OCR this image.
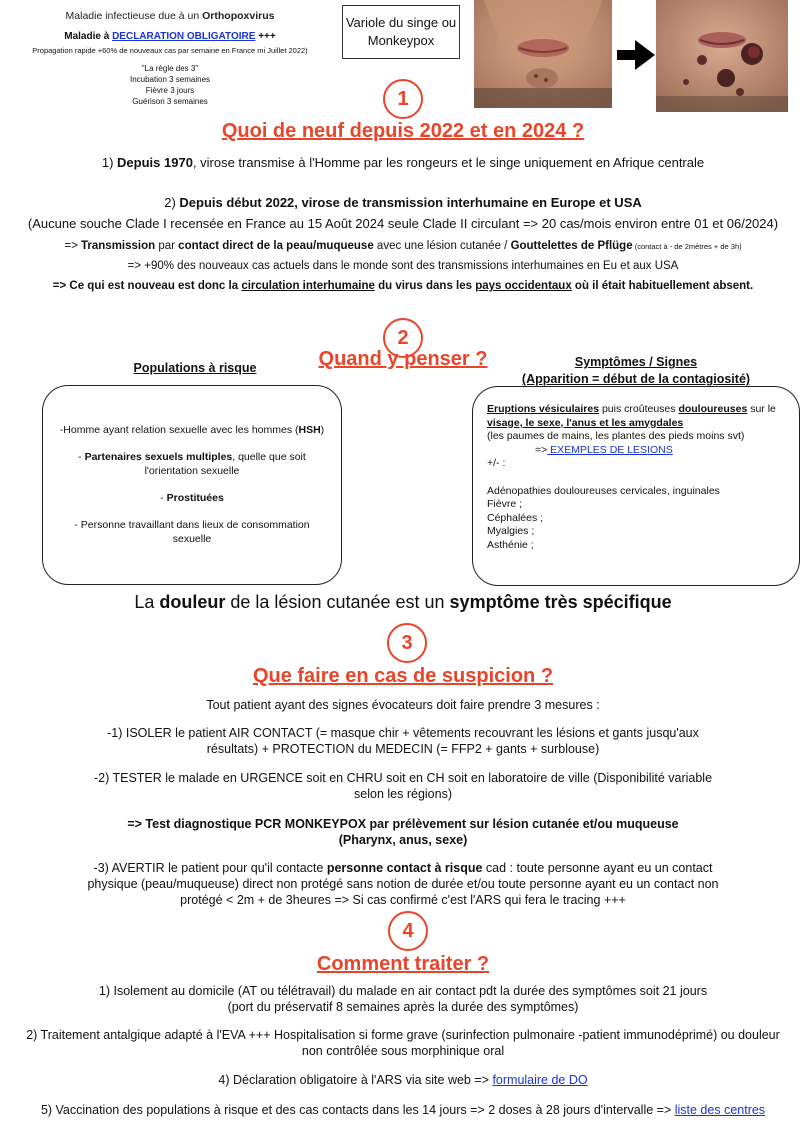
Maladie infectieuse due à un Orthopoxvirus
Maladie à DECLARATION OBLIGATOIRE +++
Propagation rapide +60% de nouveaux cas par semaine en France mi Juillet 2022)
"La règle des 3"
Incubation 3 semaines
Fièvre 3 jours
Guérison 3 semaines
Variole du singe ou Monkeypox
1
Quoi de neuf depuis 2022 et en 2024 ?
1) Depuis 1970, virose transmise à l'Homme par les rongeurs et le singe uniquement en Afrique centrale
2) Depuis début 2022, virose de transmission interhumaine en Europe et USA
(Aucune souche Clade I recensée en France au 15 Août 2024 seule Clade II circulant => 20 cas/mois environ entre 01 et 06/2024)
=> Transmission par contact direct de la peau/muqueuse avec une lésion cutanée / Gouttelettes de Pflüge (contact à - de 2mètres + de 3h)
=> +90% des nouveaux cas actuels dans le monde sont des transmissions interhumaines en Eu et aux USA
=> Ce qui est nouveau est donc la circulation interhumaine du virus dans les pays occidentaux où il était habituellement absent.
2
Quand y penser ?
Populations à risque	Symptômes / Signes
(Apparition = début de la contagiosité)
-Homme ayant relation sexuelle avec les hommes (HSH)
- Partenaires sexuels multiples, quelle que soit l'orientation sexuelle
- Prostituées
- Personne travaillant dans lieux de consommation sexuelle
Eruptions vésiculaires puis croûteuses douloureuses sur le visage, le sexe, l'anus et les amygdales
(les paumes de mains, les plantes des pieds moins svt)
=> EXEMPLES DE LESIONS
+/- :
Adénopathies douloureuses cervicales, inguinales
Fièvre ;
Céphalées ;
Myalgies ;
Asthénie ;
La douleur de la lésion cutanée est un symptôme très spécifique
3
Que faire en cas de suspicion ?
Tout patient ayant des signes évocateurs doit faire prendre 3 mesures :
-1) ISOLER le patient AIR CONTACT (= masque chir + vêtements recouvrant les lésions et gants jusqu'aux résultats) + PROTECTION du MEDECIN (= FFP2 + gants + surblouse)
-2) TESTER le malade en URGENCE soit en CHRU soit en CH soit en laboratoire de ville (Disponibilité variable selon les régions)
=> Test diagnostique PCR MONKEYPOX par prélèvement sur lésion cutanée et/ou muqueuse (Pharynx, anus, sexe)
-3) AVERTIR le patient pour qu'il contacte personne contact à risque cad : toute personne ayant eu un contact physique (peau/muqueuse) direct non protégé sans notion de durée et/ou toute personne ayant eu un contact non protégé < 2m + de 3heures => Si cas confirmé c'est l'ARS qui fera le tracing +++
4
Comment traiter ?
1) Isolement au domicile (AT ou télétravail) du malade en air contact pdt la durée des symptômes soit 21 jours
(port du préservatif 8 semaines après la durée des symptômes)
2) Traitement antalgique adapté à l'EVA +++ Hospitalisation si forme grave (surinfection pulmonaire -patient immunodéprimé) ou douleur non contrôlée sous morphinique oral
4) Déclaration obligatoire à l'ARS via site web => formulaire de DO
5) Vaccination des populations à risque et des cas contacts dans les 14 jours => 2 doses à 28 jours d'intervalle => liste des centres
